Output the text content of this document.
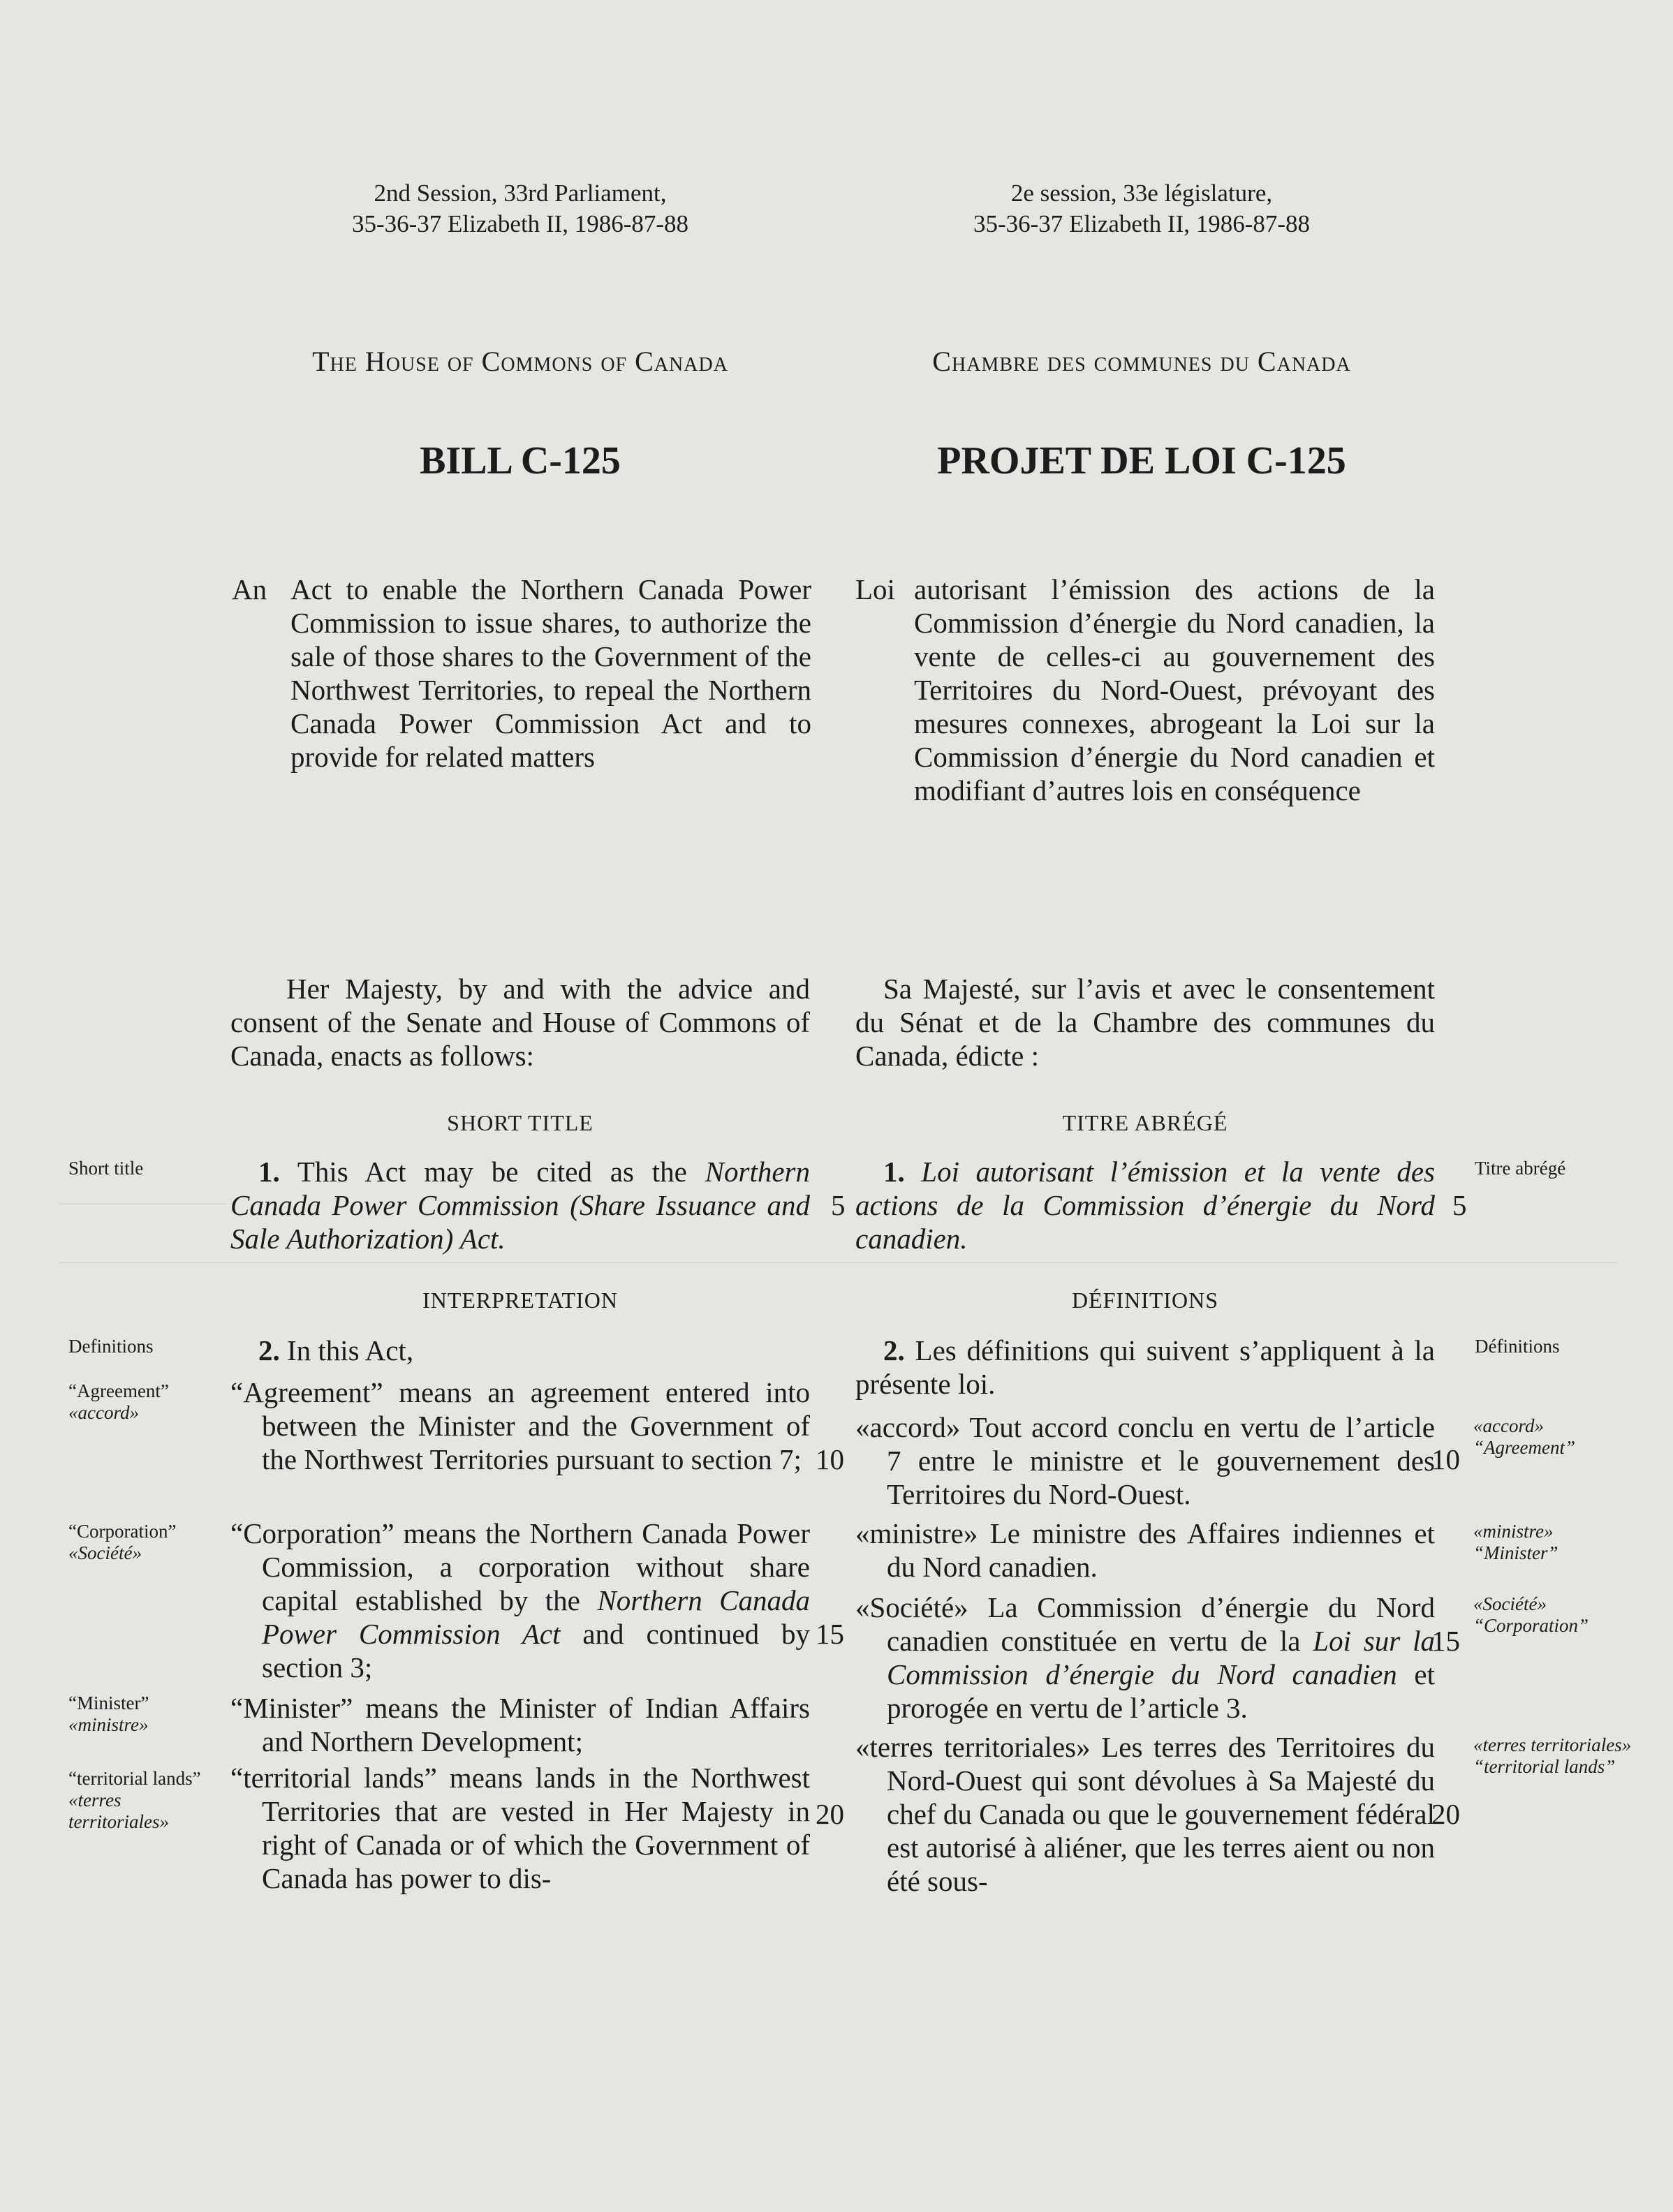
2nd Session, 33rd Parliament,
35-36-37 Elizabeth II, 1986-87-88
The House of Commons of Canada
BILL C-125
2e session, 33e législature,
35-36-37 Elizabeth II, 1986-87-88
Chambre des communes du Canada
PROJET DE LOI C-125
An Act to enable the Northern Canada Power Commission to issue shares, to authorize the sale of those shares to the Government of the Northwest Territories, to repeal the Northern Canada Power Commission Act and to provide for related matters
Loi autorisant l’émission des actions de la Commission d’énergie du Nord canadien, la vente de celles-ci au gouvernement des Territoires du Nord-Ouest, prévoyant des mesures connexes, abrogeant la Loi sur la Commission d’énergie du Nord canadien et modifiant d’autres lois en conséquence
Her Majesty, by and with the advice and consent of the Senate and House of Commons of Canada, enacts as follows:
Sa Majesté, sur l’avis et avec le consentement du Sénat et de la Chambre des communes du Canada, édicte :
SHORT TITLE	TITRE ABRÉGÉ
Short title	1. This Act may be cited as the Northern Canada Power Commission (Share Issuance and Sale Authorization) Act.
5
1. Loi autorisant l’émission et la vente des actions de la Commission d’énergie du Nord canadien.
5
Titre abrégé
INTERPRETATION	DÉFINITIONS
Definitions	2. In this Act,
“Agreement”
«accord»
“Agreement” means an agreement entered into between the Minister and the Government of the Northwest Territories pursuant to section 7; 10
“Corporation”
«Société»
“Corporation” means the Northern Canada Power Commission, a corporation without share capital established by the Northern Canada Power Commission Act and continued by section 3;
15
“Minister”
«ministre»
“Minister” means the Minister of Indian Affairs and Northern Development;
“territorial lands”
«terres territoriales»
“territorial lands” means lands in the Northwest Territories that are vested in Her Majesty in right of Canada or of which the Government of Canada has power to dis-
20
2. Les définitions qui suivent s’appliquent à la présente loi.
Définitions
«accord» Tout accord conclu en vertu de l’article 7 entre le ministre et le gouvernement des Territoires du Nord-Ouest.
10
«accord»
“Agreement”
«ministre» Le ministre des Affaires indiennes et du Nord canadien.
«ministre»
“Minister”
«Société» La Commission d’énergie du Nord canadien constituée en vertu de la Loi sur la Commission d’énergie du Nord canadien et prorogée en vertu de l’article 3.
15
«Société»
“Corporation”
«terres territoriales» Les terres des Territoires du Nord-Ouest qui sont dévolues à Sa Majesté du chef du Canada ou que le gouvernement fédéral est autorisé à aliéner, que les terres aient ou non été sous-
20
«terres territoriales»
“territorial lands”
